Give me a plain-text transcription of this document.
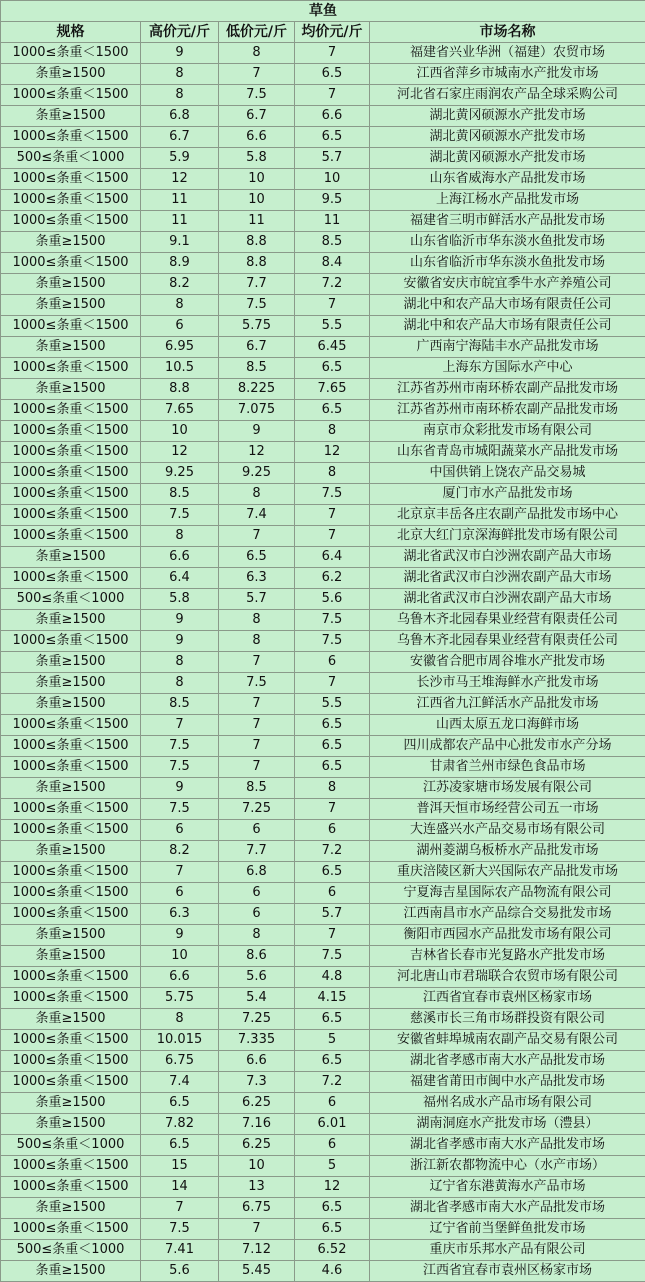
草鱼				
规格	高价元/斤	低价元/斤	均价元/斤	市场名称
1000≤条重＜1500	9	8	7	福建省兴业华洲（福建）农贸市场
条重≥1500	8	7	6.5	江西省萍乡市城南水产批发市场
1000≤条重＜1500	8	7.5	7	河北省石家庄雨润农产品全球采购公司
条重≥1500	6.8	6.7	6.6	湖北黄冈硕源水产批发市场
1000≤条重＜1500	6.7	6.6	6.5	湖北黄冈硕源水产批发市场
500≤条重＜1000	5.9	5.8	5.7	湖北黄冈硕源水产批发市场
1000≤条重＜1500	12	10	10	山东省威海水产品批发市场
1000≤条重＜1500	11	10	9.5	上海江杨水产品批发市场
1000≤条重＜1500	11	11	11	福建省三明市鲜活水产品批发市场
条重≥1500	9.1	8.8	8.5	山东省临沂市华东淡水鱼批发市场
1000≤条重＜1500	8.9	8.8	8.4	山东省临沂市华东淡水鱼批发市场
条重≥1500	8.2	7.7	7.2	安徽省安庆市皖宜季牛水产养殖公司
条重≥1500	8	7.5	7	湖北中和农产品大市场有限责任公司
1000≤条重＜1500	6	5.75	5.5	湖北中和农产品大市场有限责任公司
条重≥1500	6.95	6.7	6.45	广西南宁海陆丰水产品批发市场
1000≤条重＜1500	10.5	8.5	6.5	上海东方国际水产中心
条重≥1500	8.8	8.225	7.65	江苏省苏州市南环桥农副产品批发市场
1000≤条重＜1500	7.65	7.075	6.5	江苏省苏州市南环桥农副产品批发市场
1000≤条重＜1500	10	9	8	南京市众彩批发市场有限公司
1000≤条重＜1500	12	12	12	山东省青岛市城阳蔬菜水产品批发市场
1000≤条重＜1500	9.25	9.25	8	中国供销上饶农产品交易城
1000≤条重＜1500	8.5	8	7.5	厦门市水产品批发市场
1000≤条重＜1500	7.5	7.4	7	北京京丰岳各庄农副产品批发市场中心
1000≤条重＜1500	8	7	7	北京大红门京深海鲜批发市场有限公司
条重≥1500	6.6	6.5	6.4	湖北省武汉市白沙洲农副产品大市场
1000≤条重＜1500	6.4	6.3	6.2	湖北省武汉市白沙洲农副产品大市场
500≤条重＜1000	5.8	5.7	5.6	湖北省武汉市白沙洲农副产品大市场
条重≥1500	9	8	7.5	乌鲁木齐北园春果业经营有限责任公司
1000≤条重＜1500	9	8	7.5	乌鲁木齐北园春果业经营有限责任公司
条重≥1500	8	7	6	安徽省合肥市周谷堆水产批发市场
条重≥1500	8	7.5	7	长沙市马王堆海鲜水产批发市场
条重≥1500	8.5	7	5.5	江西省九江鲜活水产品批发市场
1000≤条重＜1500	7	7	6.5	山西太原五龙口海鲜市场
1000≤条重＜1500	7.5	7	6.5	四川成都农产品中心批发市水产分场
1000≤条重＜1500	7.5	7	6.5	甘肃省兰州市绿色食品市场
条重≥1500	9	8.5	8	江苏凌家塘市场发展有限公司
1000≤条重＜1500	7.5	7.25	7	普洱天恒市场经营公司五一市场
1000≤条重＜1500	6	6	6	大连盛兴水产品交易市场有限公司
条重≥1500	8.2	7.7	7.2	湖州菱湖乌板桥水产品批发市场
1000≤条重＜1500	7	6.8	6.5	重庆涪陵区新大兴国际农产品批发市场
1000≤条重＜1500	6	6	6	宁夏海吉星国际农产品物流有限公司
1000≤条重＜1500	6.3	6	5.7	江西南昌市水产品综合交易批发市场
条重≥1500	9	8	7	衡阳市西园水产品批发市场有限公司
条重≥1500	10	8.6	7.5	吉林省长春市光复路水产批发市场
1000≤条重＜1500	6.6	5.6	4.8	河北唐山市君瑞联合农贸市场有限公司
1000≤条重＜1500	5.75	5.4	4.15	江西省宜春市袁州区杨家市场
条重≥1500	8	7.25	6.5	慈溪市长三角市场群投资有限公司
1000≤条重＜1500	10.015	7.335	5	安徽省蚌埠城南农副产品交易有限公司
1000≤条重＜1500	6.75	6.6	6.5	湖北省孝感市南大水产品批发市场
1000≤条重＜1500	7.4	7.3	7.2	福建省莆田市闽中水产品批发市场
条重≥1500	6.5	6.25	6	福州名成水产品市场有限公司
条重≥1500	7.82	7.16	6.01	湖南洞庭水产批发市场（澧县）
500≤条重＜1000	6.5	6.25	6	湖北省孝感市南大水产品批发市场
1000≤条重＜1500	15	10	5	浙江新农都物流中心（水产市场）
1000≤条重＜1500	14	13	12	辽宁省东港黄海水产品市场
条重≥1500	7	6.75	6.5	湖北省孝感市南大水产品批发市场
1000≤条重＜1500	7.5	7	6.5	辽宁省前当堡鲜鱼批发市场
500≤条重＜1000	7.41	7.12	6.52	重庆市乐邦水产品有限公司
条重≥1500	5.6	5.45	4.6	江西省宜春市袁州区杨家市场
